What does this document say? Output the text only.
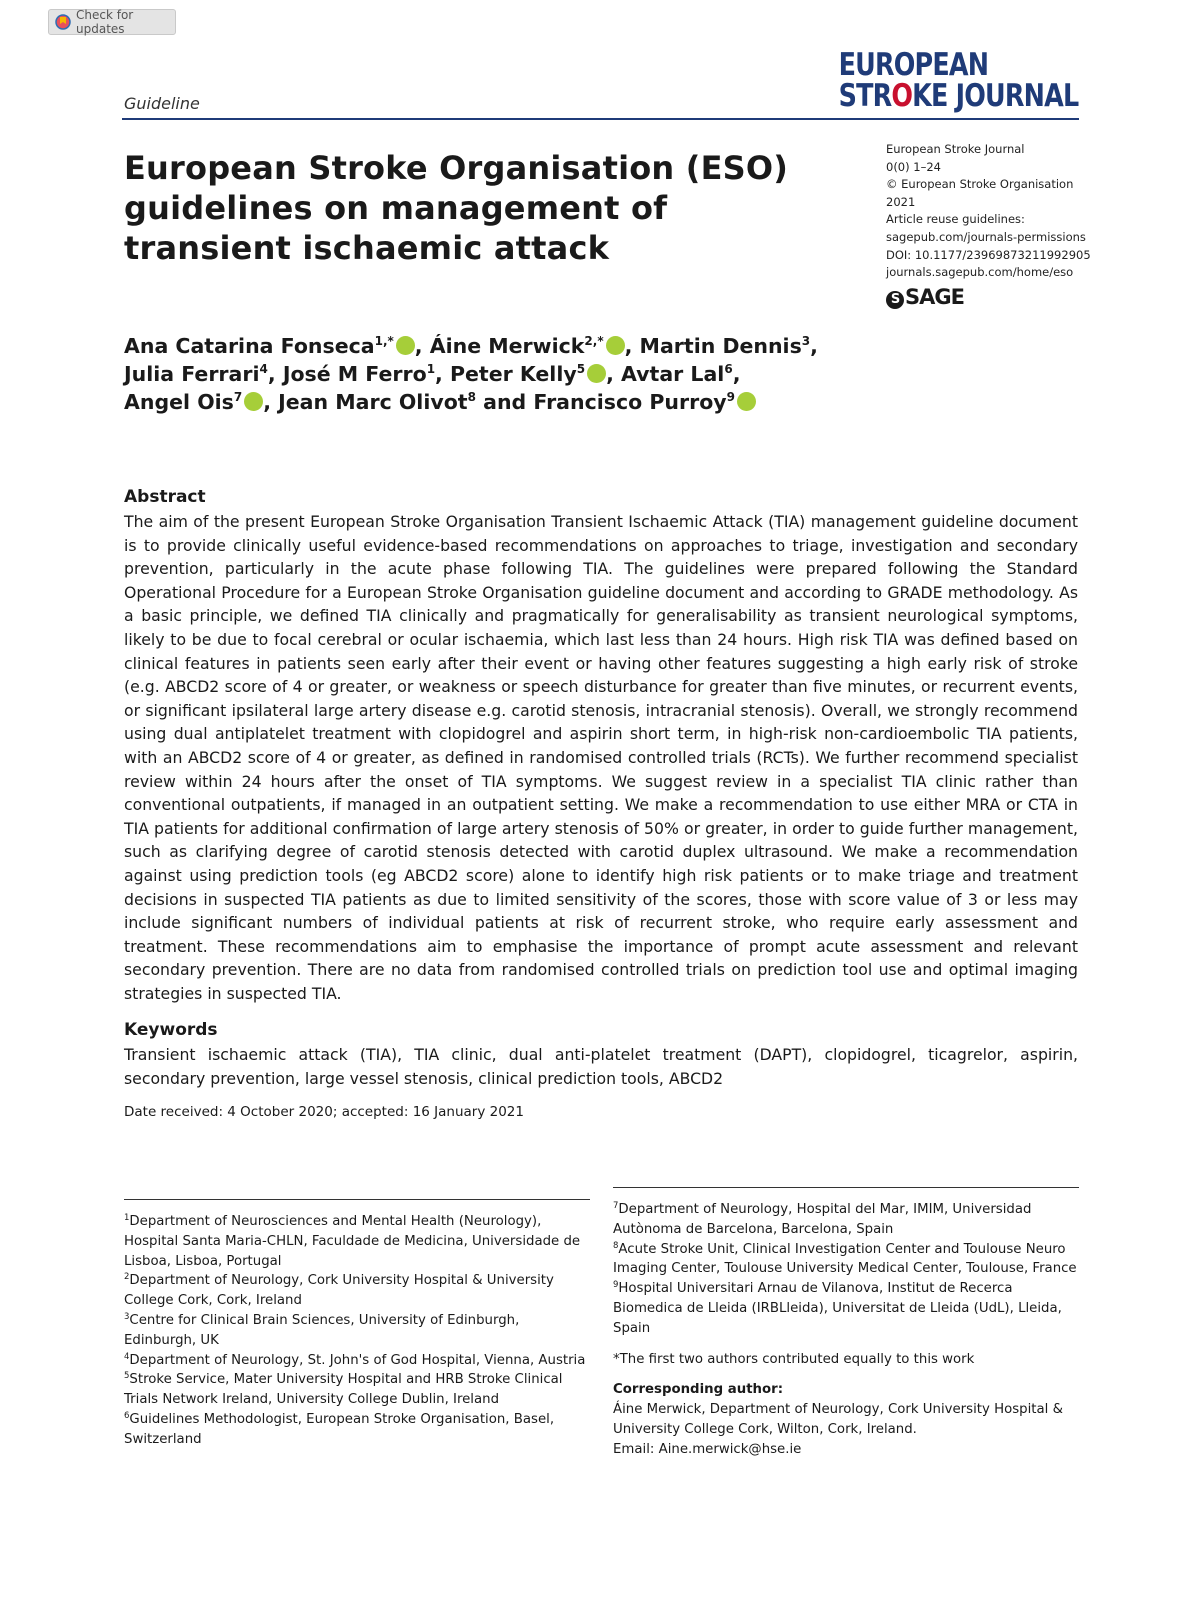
Check for updates
Guideline
EUROPEAN
STROKE JOURNAL
European Stroke Organisation (ESO) guidelines on management of transient ischaemic attack
European Stroke Journal
0(0) 1–24
© European Stroke Organisation
2021
Article reuse guidelines:
sagepub.com/journals-permissions
DOI: 10.1177/23969873211992905
journals.sagepub.com/home/eso
S SAGE
Ana Catarina Fonseca$^{1,*}$ , Áine Merwick$^{2,*}$ , Martin Dennis$^3$,
Julia Ferrari$^4$, José M Ferro$^1$, Peter Kelly$^5$ , Avtar Lal$^6$,
Angel Ois$^7$ , Jean Marc Olivot$^8$ and Francisco Purroy$^9$
Abstract
The aim of the present European Stroke Organisation Transient Ischaemic Attack (TIA) management guideline document is to provide clinically useful evidence-based recommendations on approaches to triage, investigation and secondary prevention, particularly in the acute phase following TIA. The guidelines were prepared following the Standard Operational Procedure for a European Stroke Organisation guideline document and according to GRADE methodology. As a basic principle, we defined TIA clinically and pragmatically for generalisability as transient neurological symptoms, likely to be due to focal cerebral or ocular ischaemia, which last less than 24 hours. High risk TIA was defined based on clinical features in patients seen early after their event or having other features suggesting a high early risk of stroke (e.g. ABCD2 score of 4 or greater, or weakness or speech disturbance for greater than five minutes, or recurrent events, or significant ipsilateral large artery disease e.g. carotid stenosis, intracranial stenosis). Overall, we strongly recommend using dual antiplatelet treatment with clopidogrel and aspirin short term, in high-risk non-cardioembolic TIA patients, with an ABCD2 score of 4 or greater, as defined in randomised controlled trials (RCTs). We further recommend specialist review within 24 hours after the onset of TIA symptoms. We suggest review in a specialist TIA clinic rather than conventional outpatients, if managed in an outpatient setting. We make a recommendation to use either MRA or CTA in TIA patients for additional confirmation of large artery stenosis of 50% or greater, in order to guide further management, such as clarifying degree of carotid stenosis detected with carotid duplex ultrasound. We make a recommendation against using prediction tools (eg ABCD2 score) alone to identify high risk patients or to make triage and treatment decisions in suspected TIA patients as due to limited sensitivity of the scores, those with score value of 3 or less may include significant numbers of individual patients at risk of recurrent stroke, who require early assessment and treatment. These recommendations aim to emphasise the importance of prompt acute assessment and relevant secondary prevention. There are no data from randomised controlled trials on prediction tool use and optimal imaging strategies in suspected TIA.
Keywords
Transient ischaemic attack (TIA), TIA clinic, dual anti-platelet treatment (DAPT), clopidogrel, ticagrelor, aspirin, secondary prevention, large vessel stenosis, clinical prediction tools, ABCD2
Date received: 4 October 2020; accepted: 16 January 2021
$^1$Department of Neurosciences and Mental Health (Neurology), Hospital Santa Maria-CHLN, Faculdade de Medicina, Universidade de Lisboa, Lisboa, Portugal
$^2$Department of Neurology, Cork University Hospital & University College Cork, Cork, Ireland
$^3$Centre for Clinical Brain Sciences, University of Edinburgh, Edinburgh, UK
$^4$Department of Neurology, St. John's of God Hospital, Vienna, Austria
$^5$Stroke Service, Mater University Hospital and HRB Stroke Clinical Trials Network Ireland, University College Dublin, Ireland
$^6$Guidelines Methodologist, European Stroke Organisation, Basel, Switzerland
$^7$Department of Neurology, Hospital del Mar, IMIM, Universidad Autònoma de Barcelona, Barcelona, Spain
$^8$Acute Stroke Unit, Clinical Investigation Center and Toulouse Neuro Imaging Center, Toulouse University Medical Center, Toulouse, France
$^9$Hospital Universitari Arnau de Vilanova, Institut de Recerca Biomedica de Lleida (IRBLleida), Universitat de Lleida (UdL), Lleida, Spain
*The first two authors contributed equally to this work
Corresponding author:
Áine Merwick, Department of Neurology, Cork University Hospital &
University College Cork, Wilton, Cork, Ireland.
Email: Aine.merwick@hse.ie
